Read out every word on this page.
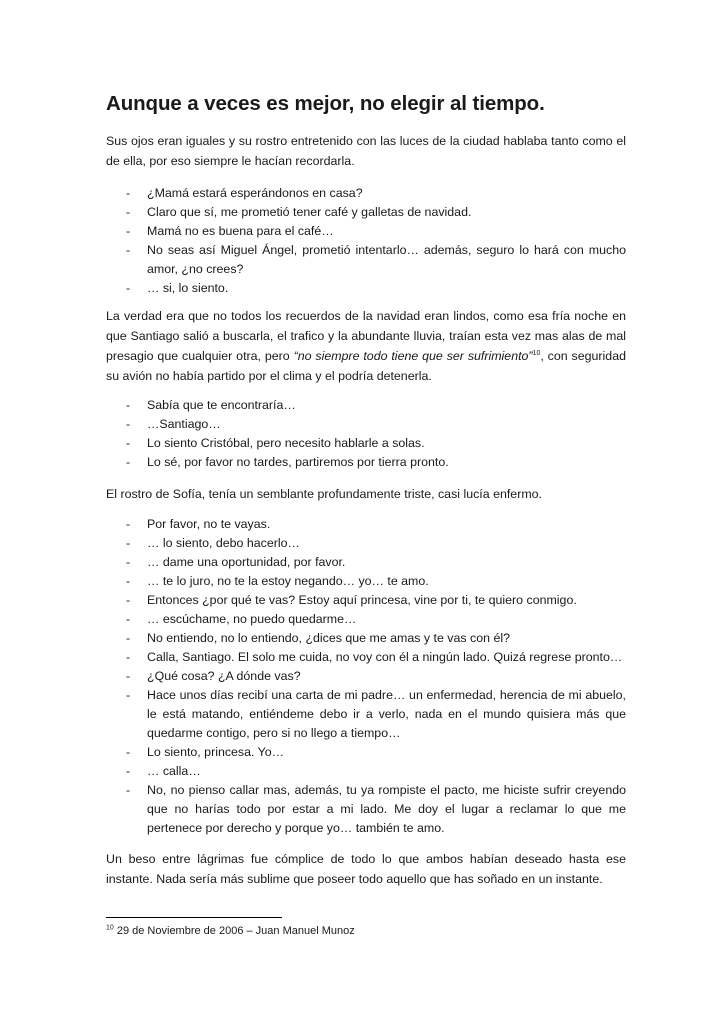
Aunque a veces es mejor, no elegir al tiempo.

Sus ojos eran iguales y su rostro entretenido con las luces de la ciudad hablaba tanto como el de ella, por eso siempre le hacían recordarla.

- ¿Mamá estará esperándonos en casa?
- Claro que sí, me prometió tener café y galletas de navidad.
- Mamá no es buena para el café…
- No seas así Miguel Ángel, prometió intentarlo… además, seguro lo hará con mucho amor, ¿no crees?
- … si, lo siento.

La verdad era que no todos los recuerdos de la navidad eran lindos, como esa fría noche en que Santiago salió a buscarla, el trafico y la abundante lluvia, traían esta vez mas alas de mal presagio que cualquier otra, pero “no siempre todo tiene que ser sufrimiento”$^{10}$, con seguridad su avión no había partido por el clima y el podría detenerla.

- Sabía que te encontraría…
- …Santiago…
- Lo siento Cristóbal, pero necesito hablarle a solas.
- Lo sé, por favor no tardes, partiremos por tierra pronto.

El rostro de Sofía, tenía un semblante profundamente triste, casi lucía enfermo.

- Por favor, no te vayas.
- … lo siento, debo hacerlo…
- … dame una oportunidad, por favor.
- … te lo juro, no te la estoy negando… yo… te amo.
- Entonces ¿por qué te vas? Estoy aquí princesa, vine por ti, te quiero conmigo.
- … escúchame, no puedo quedarme…
- No entiendo, no lo entiendo, ¿dices que me amas y te vas con él?
- Calla, Santiago. El solo me cuida, no voy con él a ningún lado. Quizá regrese pronto…
- ¿Qué cosa? ¿A dónde vas?
- Hace unos días recibí una carta de mi padre… un enfermedad, herencia de mi abuelo, le está matando, entiéndeme debo ir a verlo, nada en el mundo quisiera más que quedarme contigo, pero si no llego a tiempo…
- Lo siento, princesa. Yo…
- … calla…
- No, no pienso callar mas, además, tu ya rompiste el pacto, me hiciste sufrir creyendo que no harías todo por estar a mi lado. Me doy el lugar a reclamar lo que me pertenece por derecho y porque yo… también te amo.

Un beso entre lágrimas fue cómplice de todo lo que ambos habían deseado hasta ese instante. Nada sería más sublime que poseer todo aquello que has soñado en un instante.

$^{10}$ 29 de Noviembre de 2006 – Juan Manuel Munoz
